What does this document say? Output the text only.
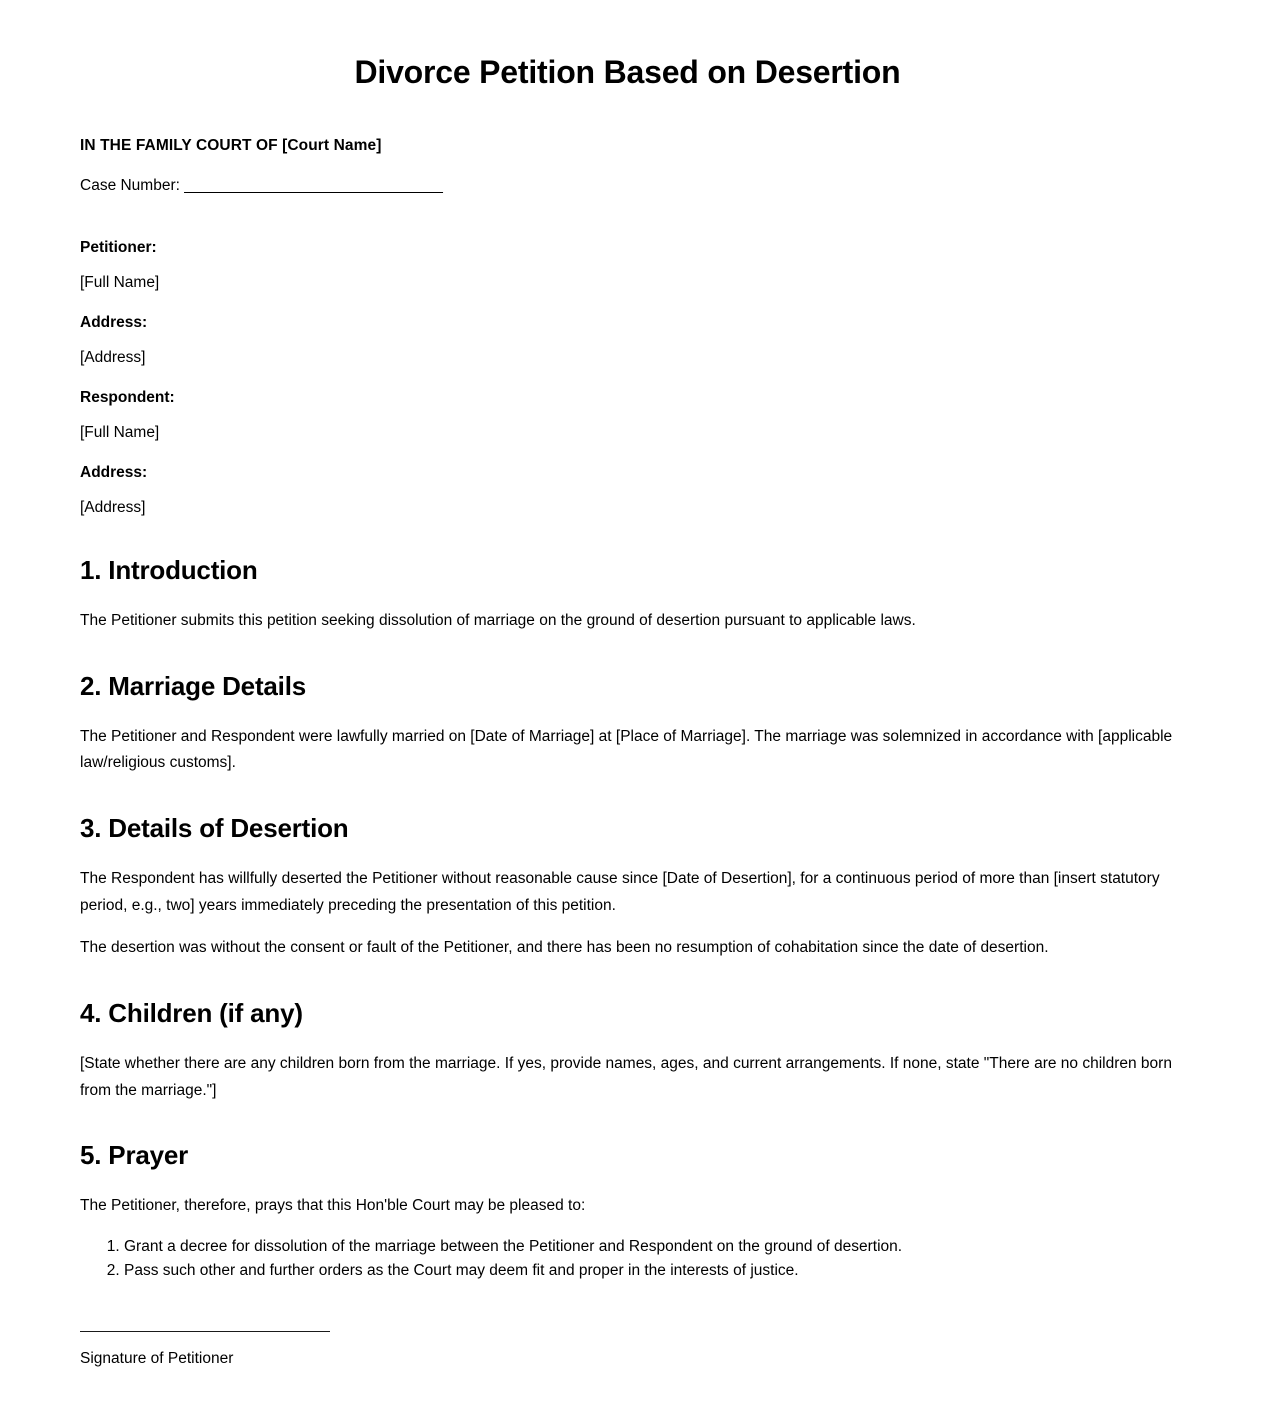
Divorce Petition Based on Desertion
IN THE FAMILY COURT OF [Court Name]
Case Number: ______________________________
Petitioner:
[Full Name]
Address:
[Address]
Respondent:
[Full Name]
Address:
[Address]
1. Introduction

The Petitioner submits this petition seeking dissolution of marriage on the ground of desertion pursuant to applicable laws.

2. Marriage Details

The Petitioner and Respondent were lawfully married on [Date of Marriage] at [Place of Marriage]. The marriage was solemnized in accordance with [applicable law/religious customs].

3. Details of Desertion

The Respondent has willfully deserted the Petitioner without reasonable cause since [Date of Desertion], for a continuous period of more than [insert statutory period, e.g., two] years immediately preceding the presentation of this petition.

The desertion was without the consent or fault of the Petitioner, and there has been no resumption of cohabitation since the date of desertion.

4. Children (if any)

[State whether there are any children born from the marriage. If yes, provide names, ages, and current arrangements. If none, state "There are no children born from the marriage."]

5. Prayer

The Petitioner, therefore, prays that this Hon'ble Court may be pleased to:

1. Grant a decree for dissolution of the marriage between the Petitioner and Respondent on the ground of desertion.
2. Pass such other and further orders as the Court may deem fit and proper in the interests of justice.
Signature of Petitioner
